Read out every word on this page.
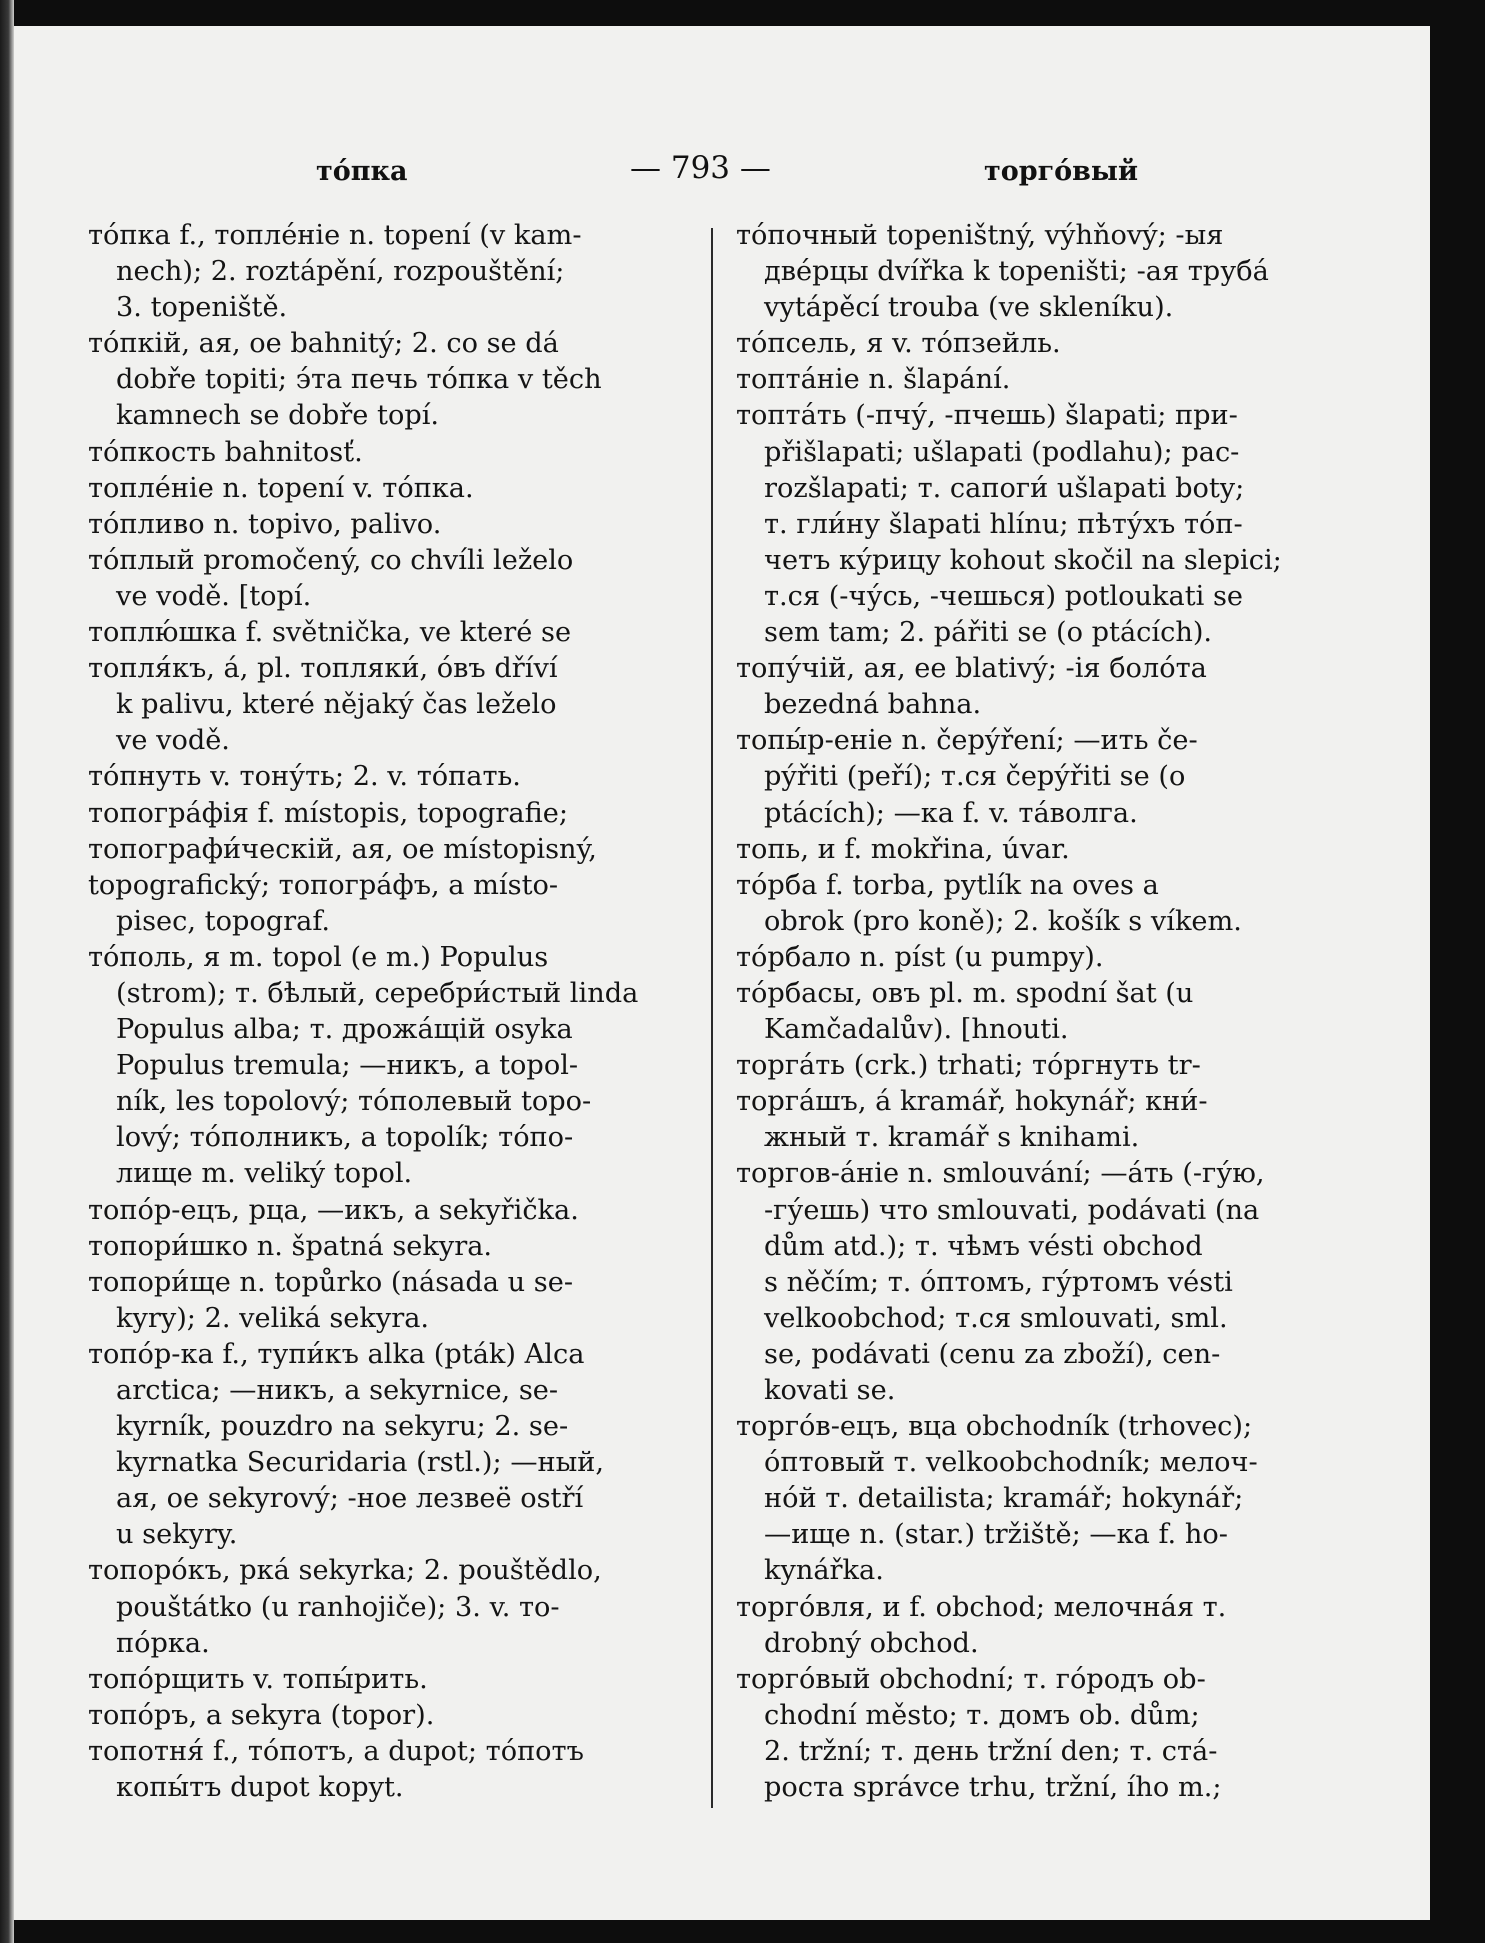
то́пка	— 793 —	торго́вый
то́пка f., топле́ніе n. topení (v kam-
nech); 2. roztápění, rozpouštění;
3. topeniště.
то́пкій, ая, ое bahnitý; 2. co se dá
dobře topiti; э́та печь то́пка v těch
kamnech se dobře topí.
то́пкость bahnitosť.
топле́ніе n. topení v. то́пка.
то́пливо n. topivo, palivo.
то́плый promočený, co chvíli leželo
ve vodě. [topí.
топлю́шка f. světnička, ve které se
топля́къ, á, pl. топляки́, о́въ dříví
k palivu, které nějaký čas leželo
ve vodě.
то́пнуть v. тону́ть; 2. v. то́пать.
топогра́фія f. místopis, topografie;
топографи́ческій, ая, ое místopisný,
topografický; топогра́фъ, a místo-
pisec, topograf.
то́поль, я m. topol (e m.) Populus
(strom); т. бѣлый, серебри́стый linda
Populus alba; т. дрожа́щій osyka
Populus tremula; —никъ, a topol-
ník, les topolový; то́полевый topo-
lový; то́полникъ, a topolík; то́по-
лище m. veliký topol.
топо́р-ецъ, рца, —икъ, a sekyřička.
топори́шко n. špatná sekyra.
топори́ще n. topůrko (násada u se-
kyry); 2. veliká sekyra.
топо́р-ка f., тупи́къ alka (pták) Alca
arctica; —никъ, a sekyrnice, se-
kyrník, pouzdro na sekyru; 2. se-
kyrnatka Securidaria (rstl.); —ный,
ая, ое sekyrový; -ное лезвеё ostří
u sekyry.
топоро́къ, рка́ sekyrka; 2. pouštědlo,
pouštátko (u ranhojiče); 3. v. то-
по́рка.
топо́рщить v. топы́рить.
топо́ръ, a sekyra (topor).
топотня́ f., то́потъ, a dupot; то́потъ
копы́тъ dupot kopyt.
то́почный topeništný, výhňový; -ыя
две́рцы dvířka k topeništi; -ая труба́
vytápěcí trouba (ve skleníku).
то́псель, я v. то́пзейль.
топта́ніе n. šlapání.
топта́ть (-пчу́, -пчешь) šlapati; при-
přišlapati; ušlapati (podlahu); рас-
rozšlapati; т. сапоги́ ušlapati boty;
т. гли́ну šlapati hlínu; пѣту́хъ то́п-
четъ ку́рицу kohout skočil na slepici;
т.ся (-чу́сь, -чешься) potloukati se
sem tam; 2. pářiti se (o ptácích).
топу́чій, ая, ее blativý; -ія боло́та
bezedná bahna.
топы́р-еніе n. čepýření; —ить če-
pýřiti (peří); т.ся čepýřiti se (o
ptácích); —ка f. v. та́волга.
топь, и f. mokřina, úvar.
то́рба f. torba, pytlík na oves a
obrok (pro koně); 2. košík s víkem.
то́рбало n. píst (u pumpy).
то́рбасы, овъ pl. m. spodní šat (u
Kamčadalův). [hnouti.
торга́ть (crk.) trhati; то́ргнуть tr-
торга́шъ, á kramář, hokynář; кни́-
жный т. kramář s knihami.
торгов-а́ніе n. smlouvání; —а́ть (-гу́ю,
-гу́ешь) что smlouvati, podávati (na
dům atd.); т. чѣмъ vésti obchod
s něčím; т. о́птомъ, гу́ртомъ vésti
velkoobchod; т.ся smlouvati, sml.
se, podávati (cenu za zboží), cen-
kovati se.
торго́в-ецъ, вца obchodník (trhovec);
о́птовый т. velkoobchodník; мелоч-
но́й т. detailista; kramář; hokynář;
—ище n. (star.) tržiště; —ка f. ho-
kynářka.
торго́вля, и f. obchod; мелочна́я т.
drobný obchod.
торго́вый obchodní; т. го́родъ ob-
chodní město; т. домъ ob. dům;
2. tržní; т. день tržní den; т. ста́-
роста správce trhu, tržní, ího m.;
